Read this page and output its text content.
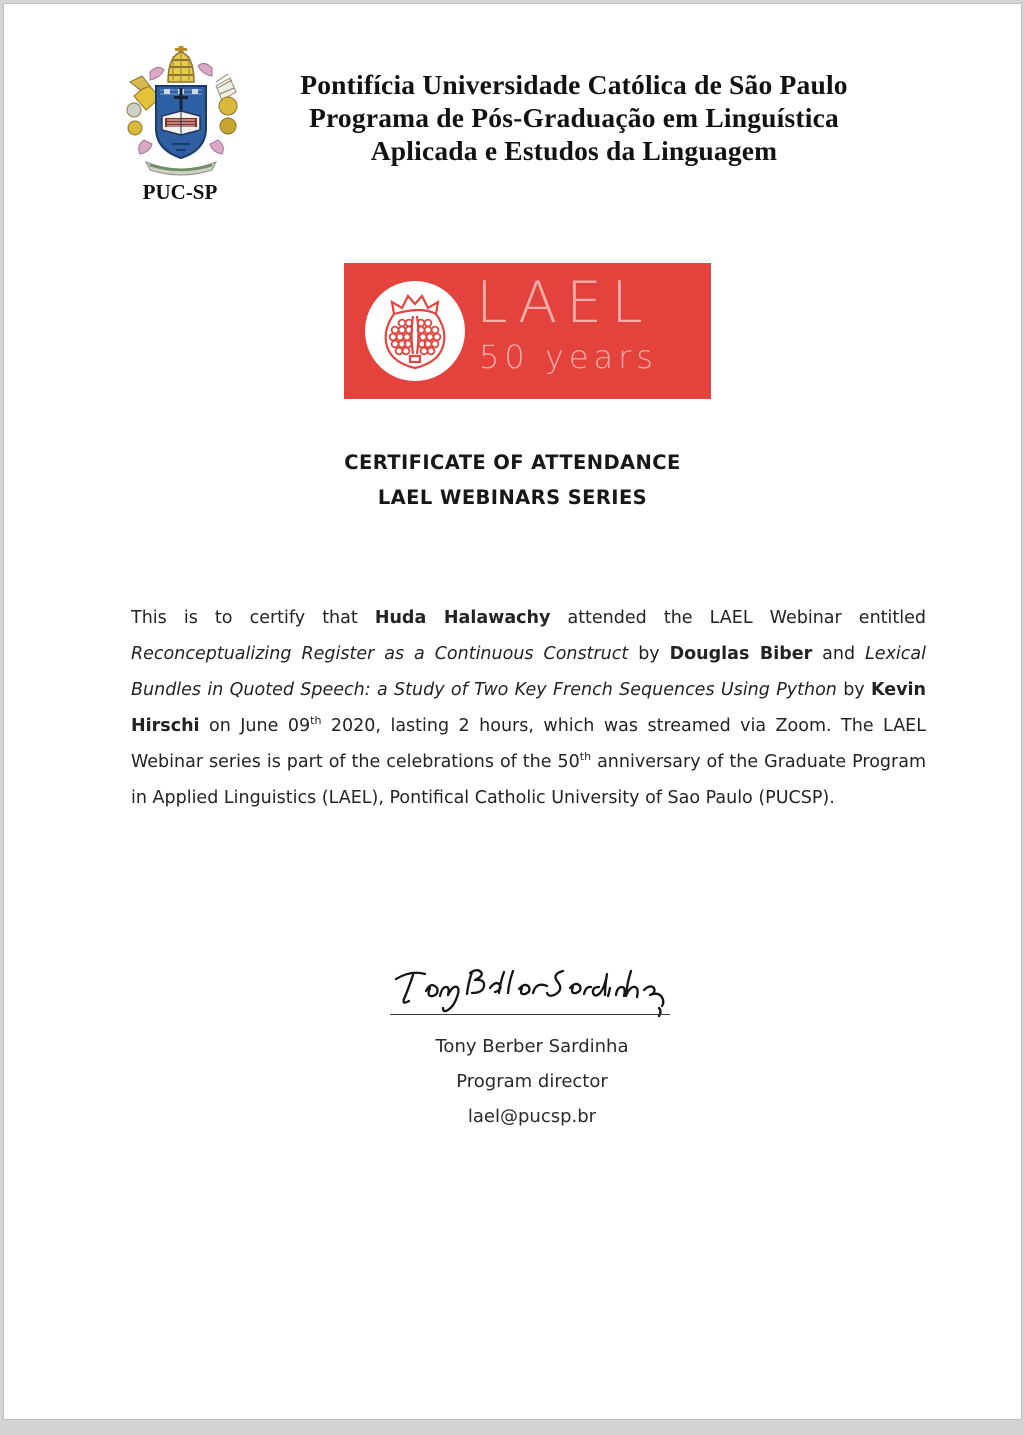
PUC-SP
Pontifícia Universidade Católica de São Paulo
Programa de Pós-Graduação em Linguística
Aplicada e Estudos da Linguagem
LAEL
50 years
CERTIFICATE OF ATTENDANCE
LAEL WEBINARS SERIES

This is to certify that Huda Halawachy attended the LAEL Webinar entitled Reconceptualizing Register as a Continuous Construct by Douglas Biber and Lexical Bundles in Quoted Speech: a Study of Two Key French Sequences Using Python by Kevin Hirschi on June 09th 2020, lasting 2 hours, which was streamed via Zoom. The LAEL Webinar series is part of the celebrations of the 50th anniversary of the Graduate Program in Applied Linguistics (LAEL), Pontifical Catholic University of Sao Paulo (PUCSP).

Tony Berber Sardinha
Program director
lael@pucsp.br
